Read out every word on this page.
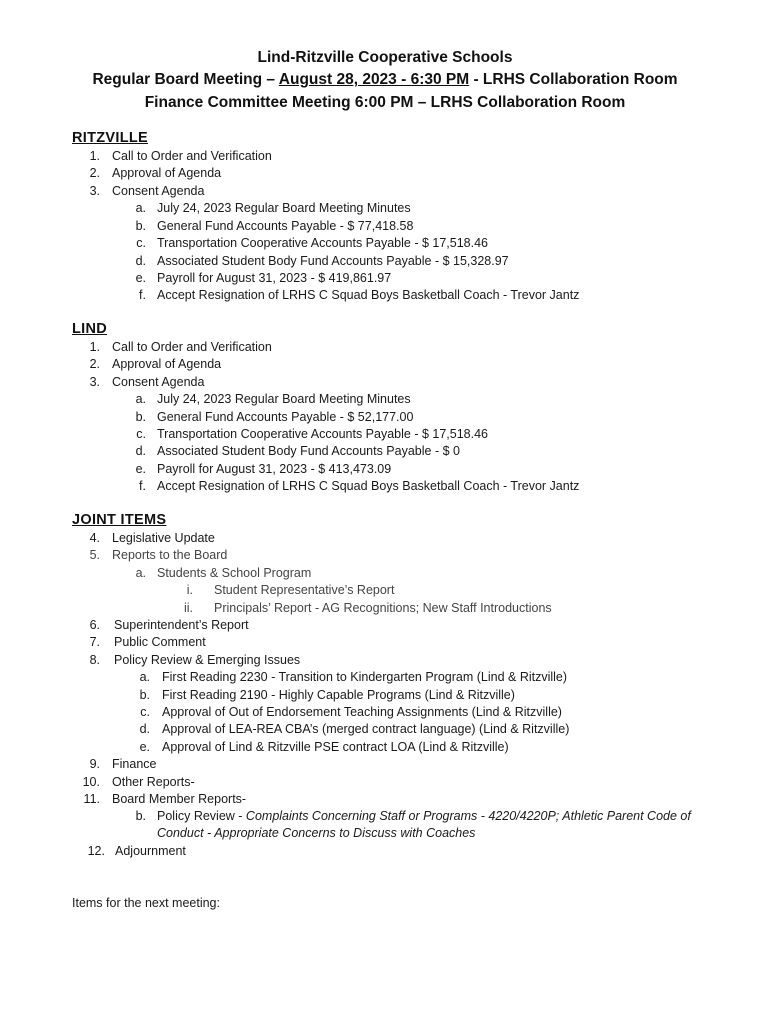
Lind-Ritzville Cooperative Schools
Regular Board Meeting – August 28, 2023 - 6:30 PM - LRHS Collaboration Room
Finance Committee Meeting 6:00 PM – LRHS Collaboration Room
RITZVILLE
1. Call to Order and Verification
2. Approval of Agenda
3. Consent Agenda
a. July 24, 2023 Regular Board Meeting Minutes
b. General Fund Accounts Payable - $ 77,418.58
c. Transportation Cooperative Accounts Payable - $ 17,518.46
d. Associated Student Body Fund Accounts Payable - $ 15,328.97
e. Payroll for August 31, 2023 - $ 419,861.97
f. Accept Resignation of LRHS C Squad Boys Basketball Coach - Trevor Jantz
LIND
1. Call to Order and Verification
2. Approval of Agenda
3. Consent Agenda
a. July 24, 2023 Regular Board Meeting Minutes
b. General Fund Accounts Payable - $ 52,177.00
c. Transportation Cooperative Accounts Payable - $ 17,518.46
d. Associated Student Body Fund Accounts Payable - $ 0
e. Payroll for August 31, 2023 - $ 413,473.09
f. Accept Resignation of LRHS C Squad Boys Basketball Coach - Trevor Jantz
JOINT ITEMS
4. Legislative Update
5. Reports to the Board
a. Students & School Program
i. Student Representative’s Report
ii. Principals’ Report - AG Recognitions; New Staff Introductions
6. Superintendent’s Report
7. Public Comment
8. Policy Review & Emerging Issues
a. First Reading 2230 - Transition to Kindergarten Program (Lind & Ritzville)
b. First Reading 2190 - Highly Capable Programs (Lind & Ritzville)
c. Approval of Out of Endorsement Teaching Assignments (Lind & Ritzville)
d. Approval of LEA-REA CBA’s (merged contract language) (Lind & Ritzville)
e. Approval of Lind & Ritzville PSE contract LOA (Lind & Ritzville)
9. Finance
10. Other Reports-
11. Board Member Reports-
b. Policy Review - Complaints Concerning Staff or Programs - 4220/4220P; Athletic Parent Code of
Conduct - Appropriate Concerns to Discuss with Coaches
12. Adjournment
Items for the next meeting:
